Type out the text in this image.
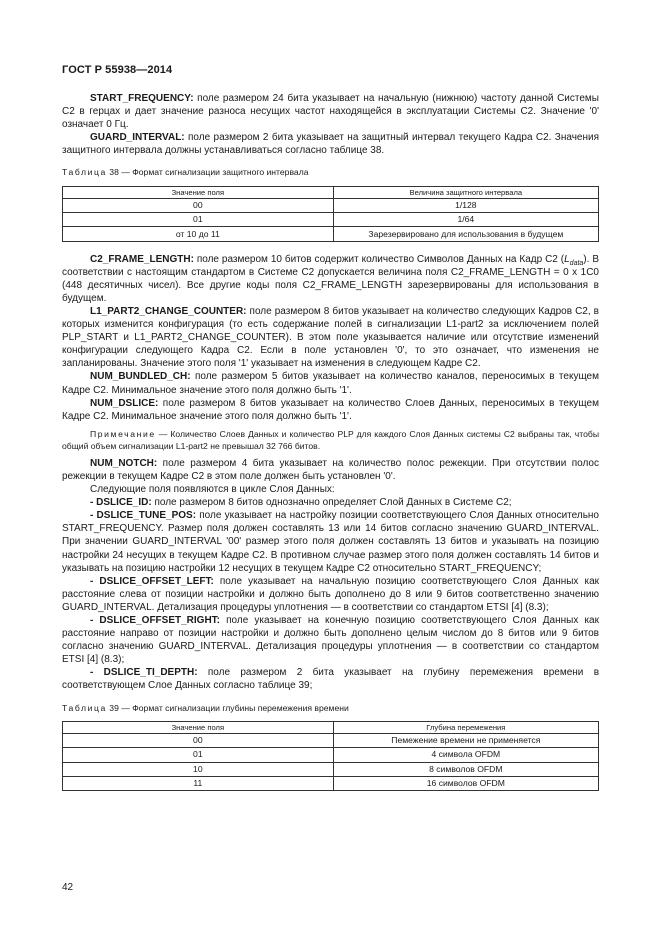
ГОСТ Р 55938—2014

START_FREQUENCY: поле размером 24 бита указывает на начальную (нижнюю) частоту данной Системы С2 в герцах и дает значение разноса несущих частот находящейся в эксплуатации Системы С2. Значение '0' означает 0 Гц.

GUARD_INTERVAL: поле размером 2 бита указывает на защитный интервал текущего Кадра С2. Значения защитного интервала должны устанавливаться согласно таблице 38.

Таблица 38 — Формат сигнализации защитного интервала

Значение поля	Величина защитного интервала
00	1/128
01	1/64
от 10 до 11	Зарезервировано для использования в будущем

C2_FRAME_LENGTH: поле размером 10 битов содержит количество Символов Данных на Кадр С2 $(L_{data})$. В соответствии с настоящим стандартом в Системе С2 допускается величина поля C2_FRAME_LENGTH = 0 х 1С0 (448 десятичных чисел). Все другие коды поля C2_FRAME_LENGTH зарезервированы для использования в будущем.

L1_PART2_CHANGE_COUNTER: поле размером 8 битов указывает на количество следующих Кадров С2, в которых изменится конфигурация (то есть содержание полей в сигнализации L1-part2 за исключением полей PLP_START и L1_PART2_CHANGE_COUNTER). В этом поле указывается наличие или отсутствие изменений конфигурации следующего Кадра С2. Если в поле установлен '0', то это означает, что изменения не запланированы. Значение этого поля '1' указывает на изменения в следующем Кадре С2.

NUM_BUNDLED_CH: поле размером 5 битов указывает на количество каналов, переносимых в текущем Кадре С2. Минимальное значение этого поля должно быть '1'.

NUM_DSLICE: поле размером 8 битов указывает на количество Слоев Данных, переносимых в текущем Кадре С2. Минимальное значение этого поля должно быть '1'.

Примечание — Количество Слоев Данных и количество PLP для каждого Слоя Данных системы С2 выбраны так, чтобы общий объем сигнализации L1-part2 не превышал 32 766 битов.

NUM_NOTCH: поле размером 4 бита указывает на количество полос режекции. При отсутствии полос режекции в текущем Кадре С2 в этом поле должен быть установлен '0'.

Следующие поля появляются в цикле Слоя Данных:

- DSLICE_ID: поле размером 8 битов однозначно определяет Слой Данных в Системе С2;

- DSLICE_TUNE_POS: поле указывает на настройку позиции соответствующего Слоя Данных относительно START_FREQUENCY. Размер поля должен составлять 13 или 14 битов согласно значению GUARD_INTERVAL. При значении GUARD_INTERVAL '00' размер этого поля должен составлять 13 битов и указывать на позицию настройки 24 несущих в текущем Кадре С2. В противном случае размер этого поля должен составлять 14 битов и указывать на позицию настройки 12 несущих в текущем Кадре С2 относительно START_FREQUENCY;

- DSLICE_OFFSET_LEFT: поле указывает на начальную позицию соответствующего Слоя Данных как расстояние слева от позиции настройки и должно быть дополнено до 8 или 9 битов соответственно значению GUARD_INTERVAL. Детализация процедуры уплотнения — в соответствии со стандартом ETSI [4] (8.3);

- DSLICE_OFFSET_RIGHT: поле указывает на конечную позицию соответствующего Слоя Данных как расстояние направо от позиции настройки и должно быть дополнено целым числом до 8 битов или 9 битов согласно значению GUARD_INTERVAL. Детализация процедуры уплотнения — в соответствии со стандартом ETSI [4] (8.3);

- DSLICE_TI_DEPTH: поле размером 2 бита указывает на глубину перемежения времени в соответствующем Слое Данных согласно таблице 39;

Таблица 39 — Формат сигнализации глубины перемежения времени

Значение поля	Глубина перемежения
00	Пeмежение времени не применяется
01	4 символа OFDM
10	8 символов OFDM
11	16 символов OFDM
42
